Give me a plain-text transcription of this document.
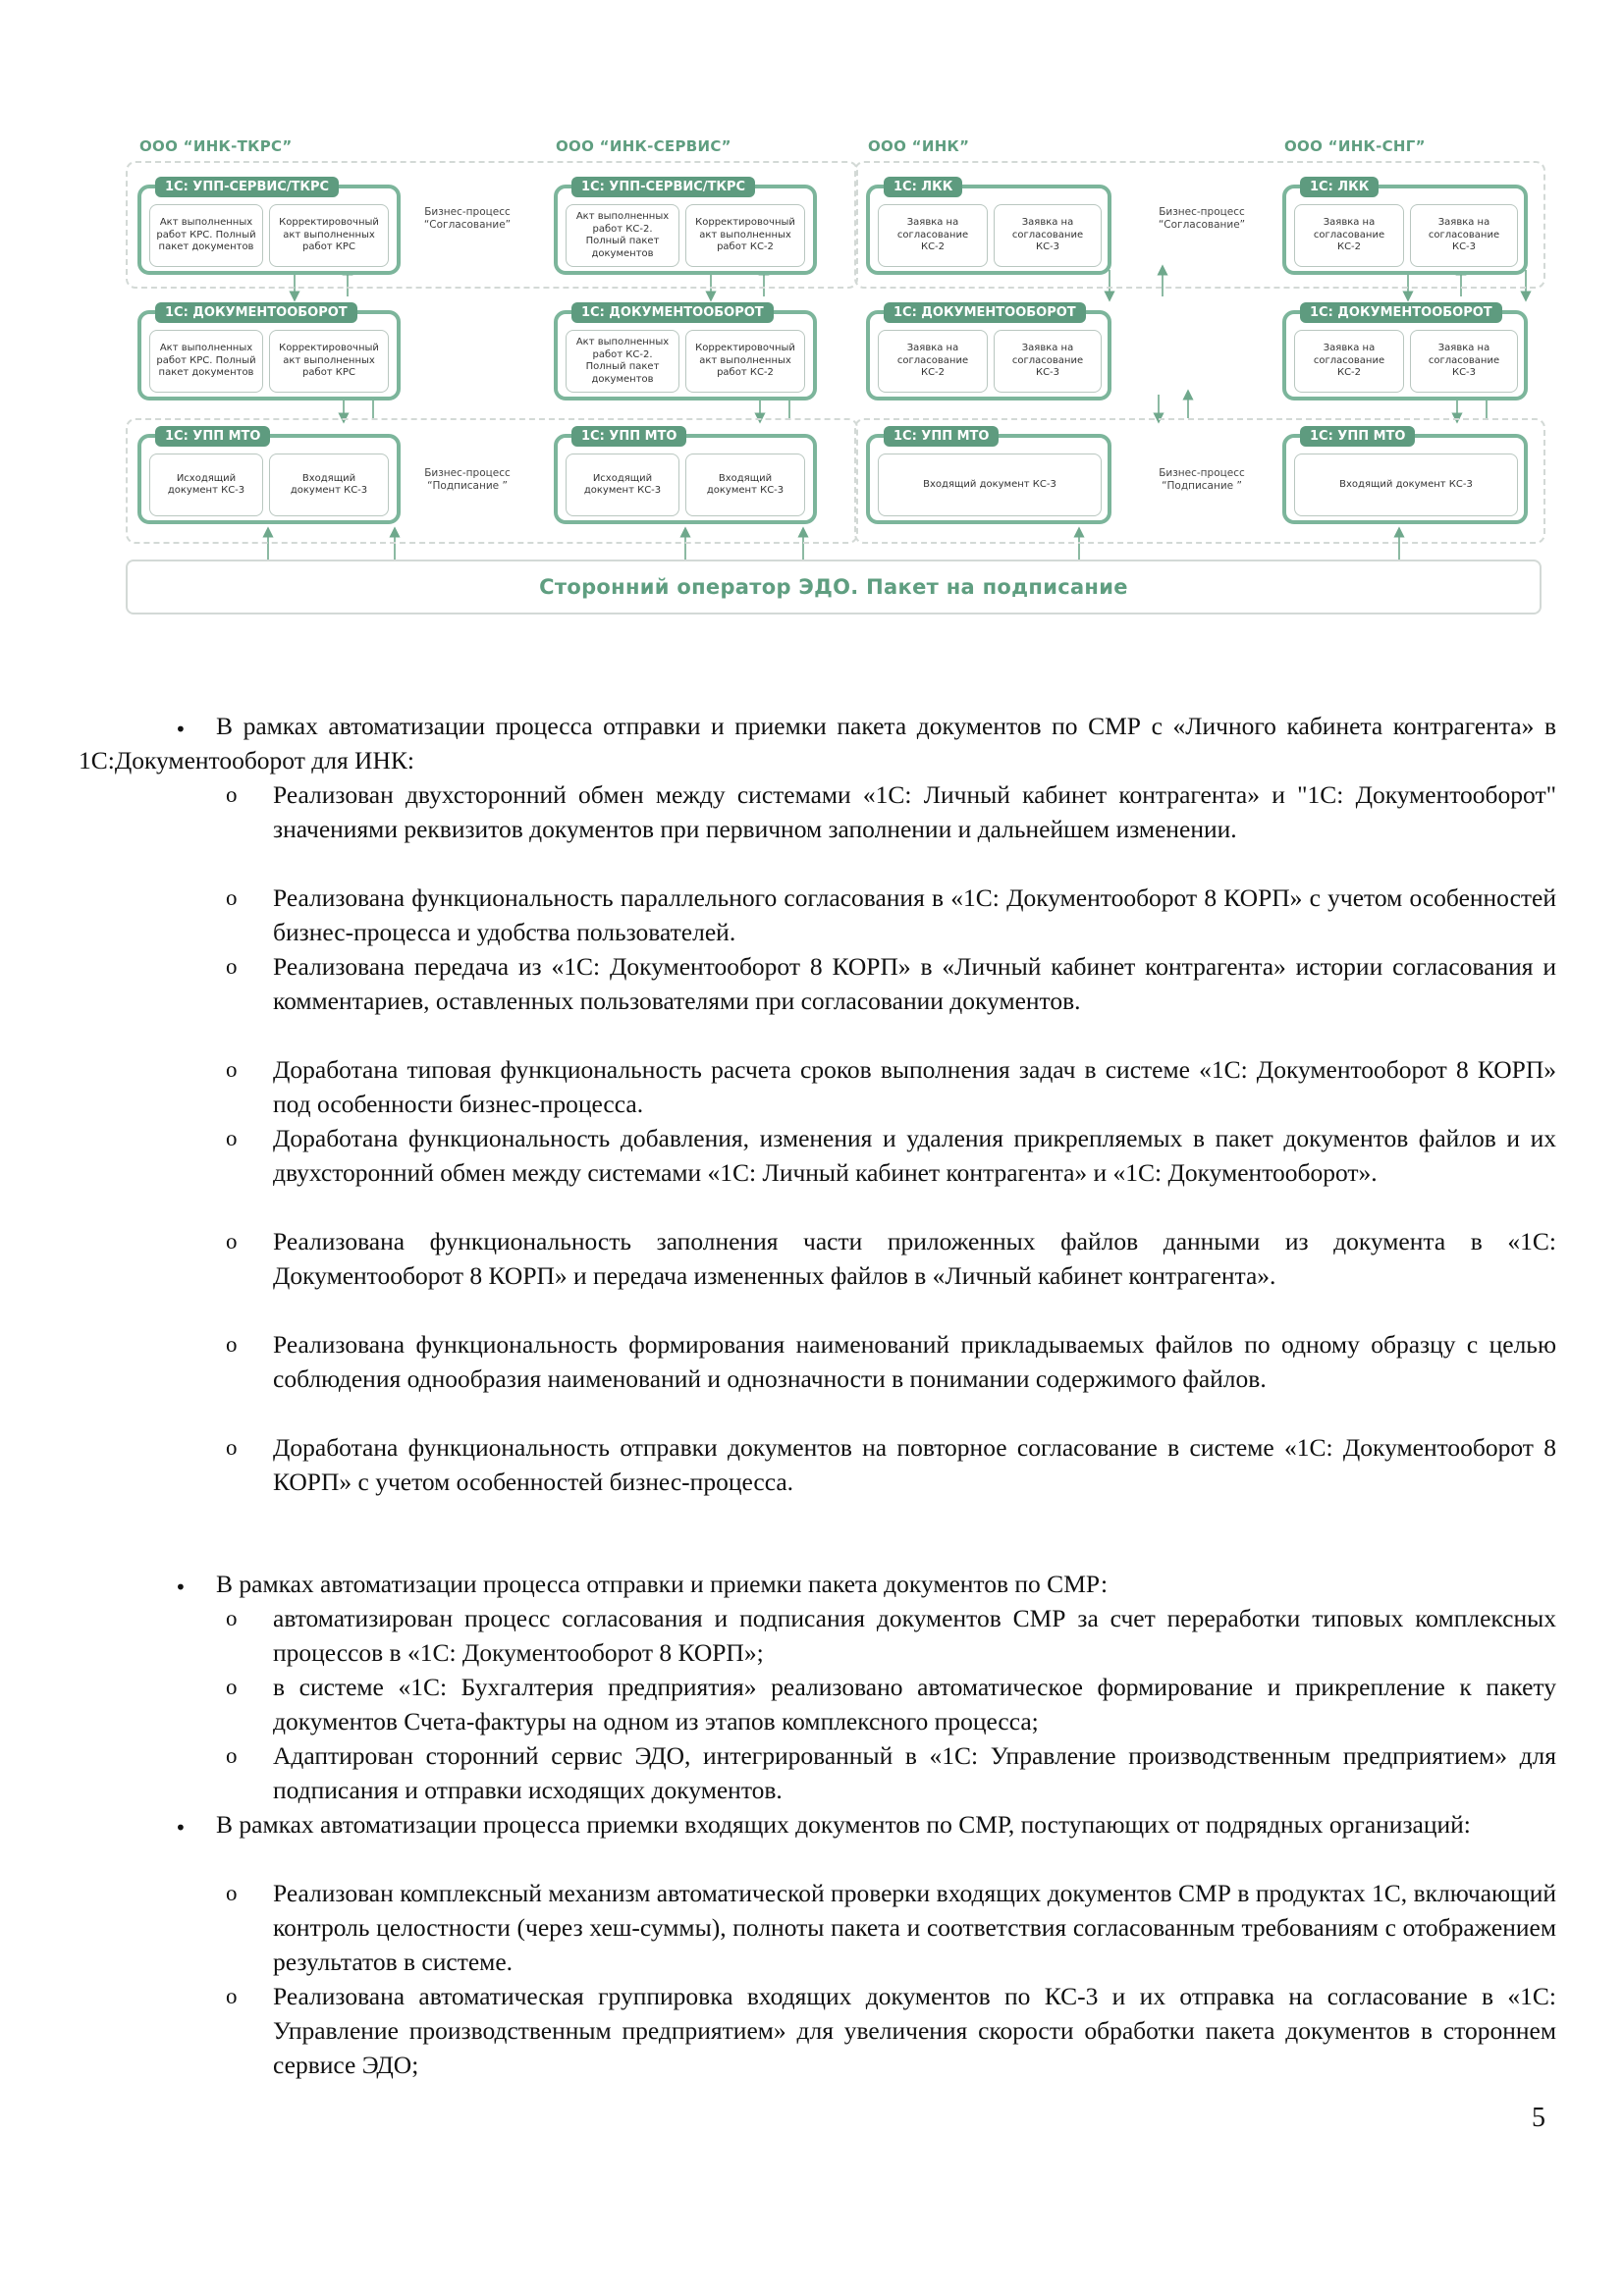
ООО “ИНК-ТКРС”	ООО “ИНК-СЕРВИС”	ООО “ИНК”	ООО “ИНК-СНГ”
1С: УПП-СЕРВИС/ТКРС
Акт выполненных работ КРС. Полный пакет документов
Корректировочный акт выполненных работ КРС
Бизнес-процесс “Согласование”
1С: ДОКУМЕНТООБОРОТ
Акт выполненных работ КРС. Полный пакет документов
Корректировочный акт выполненных работ КРС
1С: УПП МТО
Исходящий документ КС-3
Входящий документ КС-3
Бизнес-процесс “Подписание ”
1С: УПП-СЕРВИС/ТКРС
Акт выполненных работ КС-2. Полный пакет документов
Корректировочный акт выполненных работ КС-2
1С: ДОКУМЕНТООБОРОТ
Акт выполненных работ КС-2. Полный пакет документов
Корректировочный акт выполненных работ КС-2
1С: УПП МТО
Исходящий документ КС-3
Входящий документ КС-3
1С: ЛКК
Заявка на согласование КС-2
Заявка на согласование КС-3
Бизнес-процесс “Согласование”
1С: ДОКУМЕНТООБОРОТ
Заявка на согласование КС-2
Заявка на согласование КС-3
1С: УПП МТО
Входящий документ КС-3
Бизнес-процесс “Подписание ”
1С: ЛКК
Заявка на согласование КС-2
Заявка на согласование КС-3
1С: ДОКУМЕНТООБОРОТ
Заявка на согласование КС-2
Заявка на согласование КС-3
1С: УПП МТО
Входящий документ КС-3
Сторонний оператор ЭДО. Пакет на подписание
•	В рамках автоматизации процесса отправки и приемки пакета документов по СМР с «Личного кабинета контрагента» в 1С:Документооборот для ИНК:
o Реализован двухсторонний обмен между системами «1С: Личный кабинет контрагента» и "1С: Документооборот" значениями реквизитов документов при первичном заполнении и дальнейшем изменении.
o Реализована функциональность параллельного согласования в «1С: Документооборот 8 КОРП» с учетом особенностей бизнес-процесса и удобства пользователей.
o Реализована передача из «1С: Документооборот 8 КОРП» в «Личный кабинет контрагента» истории согласования и комментариев, оставленных пользователями при согласовании документов.
o Доработана типовая функциональность расчета сроков выполнения задач в системе «1С: Документооборот 8 КОРП» под особенности бизнес-процесса.
o Доработана функциональность добавления, изменения и удаления прикрепляемых в пакет документов файлов и их двухсторонний обмен между системами «1С: Личный кабинет контрагента» и «1С: Документооборот».
o Реализована функциональность заполнения части приложенных файлов данными из документа в «1С: Документооборот 8 КОРП» и передача измененных файлов в «Личный кабинет контрагента».
o Реализована функциональность формирования наименований прикладываемых файлов по одному образцу с целью соблюдения однообразия наименований и однозначности в понимании содержимого файлов.
o Доработана функциональность отправки документов на повторное согласование в системе «1С: Документооборот 8 КОРП» с учетом особенностей бизнес-процесса.
•	В рамках автоматизации процесса отправки и приемки пакета документов по СМР:
o автоматизирован процесс согласования и подписания документов СМР за счет переработки типовых комплексных процессов в «1С: Документооборот 8 КОРП»;
o в системе «1С: Бухгалтерия предприятия» реализовано автоматическое формирование и прикрепление к пакету документов Счета-фактуры на одном из этапов комплексного процесса;
o Адаптирован сторонний сервис ЭДО, интегрированный в «1С: Управление производственным предприятием» для подписания и отправки исходящих документов.
•	В рамках автоматизации процесса приемки входящих документов по СМР, поступающих от подрядных организаций:
o Реализован комплексный механизм автоматической проверки входящих документов СМР в продуктах 1С, включающий контроль целостности (через хеш-суммы), полноты пакета и соответствия согласованным требованиям с отображением результатов в системе.
o Реализована автоматическая группировка входящих документов по КС-3 и их отправка на согласование в «1С: Управление производственным предприятием» для увеличения скорости обработки пакета документов в стороннем сервисе ЭДО;
5
